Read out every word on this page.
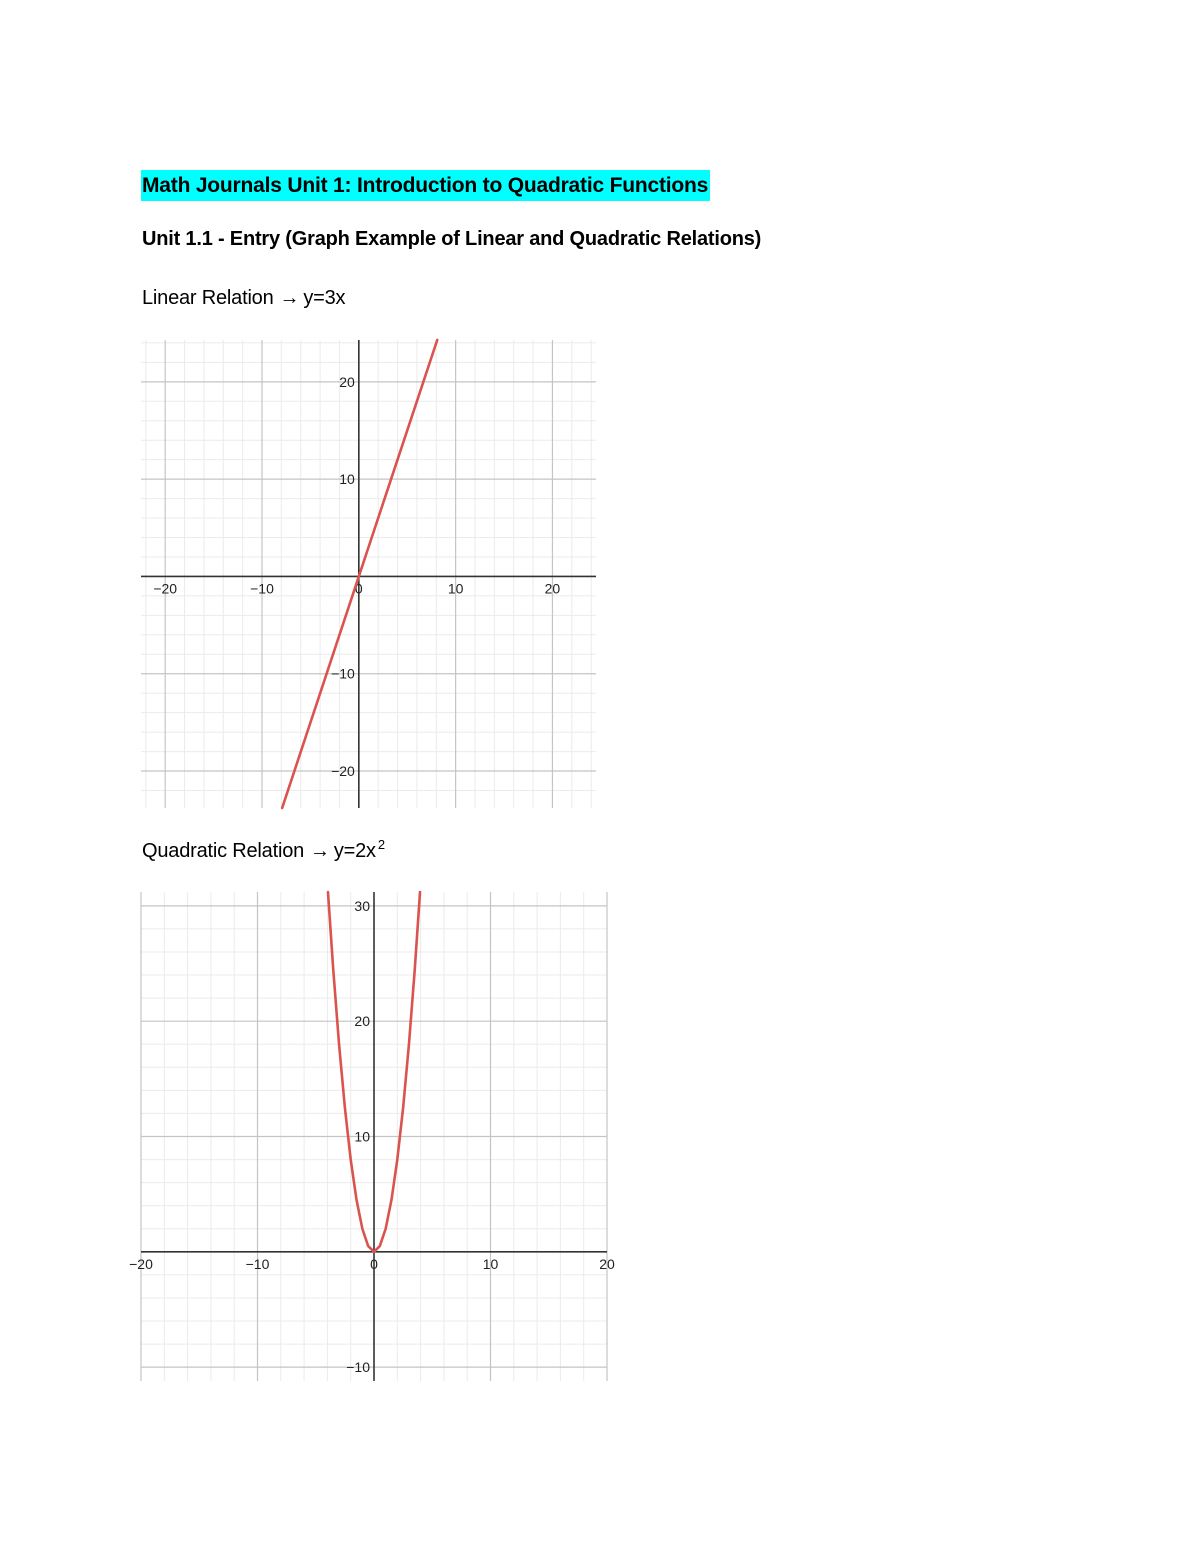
Math Journals Unit 1: Introduction to Quadratic Functions
Unit 1.1 - Entry (Graph Example of Linear and Quadratic Relations)
Linear Relation → y=3x
−20	−10	0	10	20
20
10
−10
−20
Quadratic Relation → y=2x $^2$
−20	−10	0	10	20
30
20
10
−10
